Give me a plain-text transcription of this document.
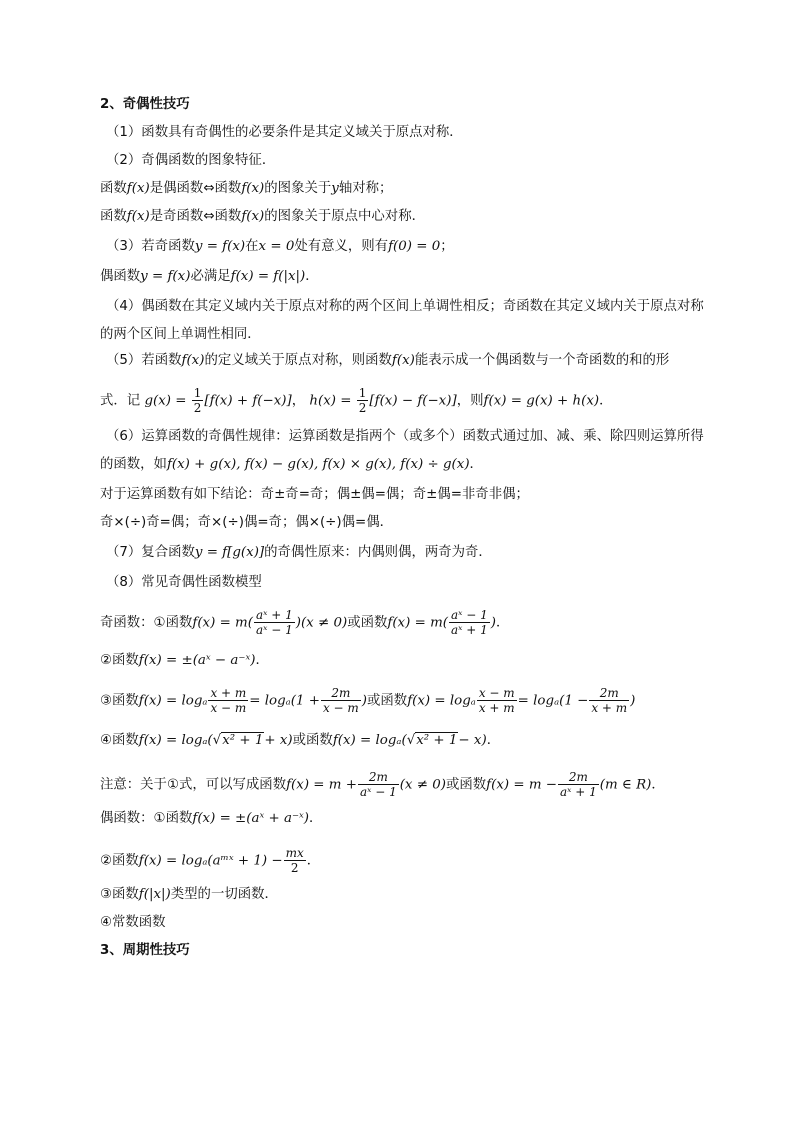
2、奇偶性技巧
（1）函数具有奇偶性的必要条件是其定义域关于原点对称．
（2）奇偶函数的图象特征．
函数f(x)是偶函数⇔函数f(x)的图象关于y轴对称；
函数f(x)是奇函数⇔函数f(x)的图象关于原点中心对称．
（3）若奇函数y = f(x)在x = 0处有意义，则有f(0) = 0；
偶函数y = f(x)必满足f(x) = f(|x|)．
（4）偶函数在其定义域内关于原点对称的两个区间上单调性相反；奇函数在其定义域内关于原点对称
的两个区间上单调性相同．
（5）若函数f(x)的定义域关于原点对称，则函数f(x)能表示成一个偶函数与一个奇函数的和的形
式．记 $g(x) = \frac{1}{2} [f(x) + f(-x)]$， $h(x) = \frac{1}{2} [f(x) - f(-x)]$，则f(x) = g(x) + h(x)．
（6）运算函数的奇偶性规律：运算函数是指两个（或多个）函数式通过加、减、乘、除四则运算所得
的函数，如f(x) + g(x), f(x) − g(x), f(x) × g(x), f(x) ÷ g(x)．
对于运算函数有如下结论：奇±奇=奇；偶±偶=偶；奇±偶=非奇非偶；
奇×(÷)奇=偶；奇×(÷)偶=奇；偶×(÷)偶=偶．
（7）复合函数y = f[g(x)]的奇偶性原来：内偶则偶，两奇为奇．
（8）常见奇偶性函数模型
奇函数：①函数$f(x) = m( \frac{\text{aˣ + 1}}{\text{aˣ − 1}} )(x \ne 0)$或函数$f(x) = m( \frac{\text{aˣ − 1}}{\text{aˣ + 1}}$ )．
②函数f(x) = ±(aˣ − a⁻ˣ)．
③函数f(x) = logₐ $\frac{x + m}{x - m} = \log_a(1 + \frac{2m}{x - m}$ )或函数f(x) = logₐ $\frac{x - m}{x + m} = \log_a(1 - \frac{2m}{x + m}$ )
④函数f(x) = logₐ(√x² + 1+ x)或函数f(x) = logₐ(√x² + 1− x)．
注意：关于①式，可以写成函数$f(x) = m + \frac{2m}{\text{aˣ − 1}} (x \ne 0)$或函数$f(x) = m - \frac{2m}{\text{aˣ + 1}} (m$ ∈ R)．
偶函数：①函数f(x) = ±(aˣ + a⁻ˣ)．
②函数f(x) = logₐ(aᵐˣ + $1) - \frac{mx}{2}$ ．
③函数f(|x|)类型的一切函数．
④常数函数
3、周期性技巧
